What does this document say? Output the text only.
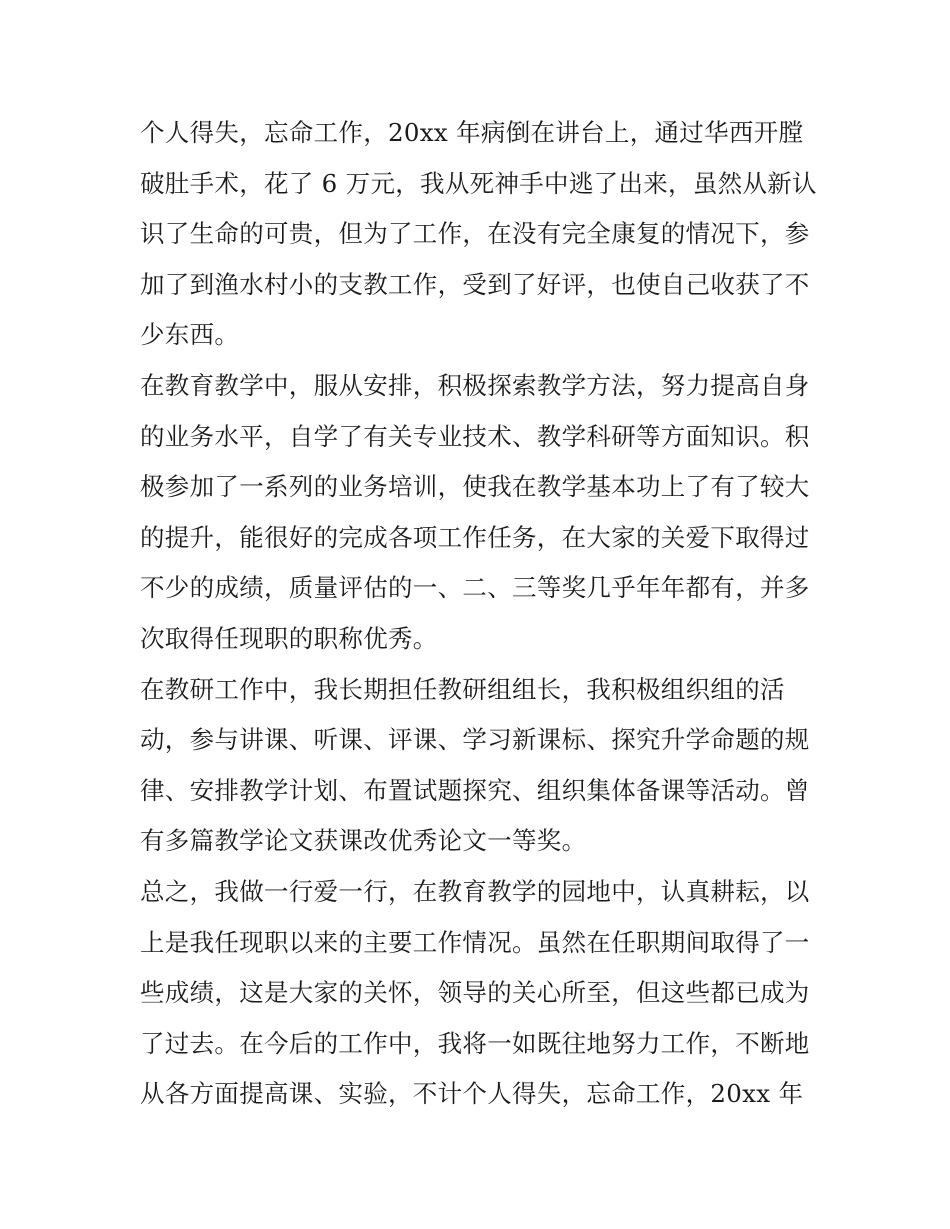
个人得失，忘命工作，20xx 年病倒在讲台上，通过华西开膛
破肚手术，花了 6 万元，我从死神手中逃了出来，虽然从新认
识了生命的可贵，但为了工作，在没有完全康复的情况下，参
加了到渔水村小的支教工作，受到了好评，也使自己收获了不
少东西。
在教育教学中，服从安排，积极探索教学方法，努力提高自身
的业务水平，自学了有关专业技术、教学科研等方面知识。积
极参加了一系列的业务培训，使我在教学基本功上了有了较大
的提升，能很好的完成各项工作任务，在大家的关爱下取得过
不少的成绩，质量评估的一、二、三等奖几乎年年都有，并多
次取得任现职的职称优秀。
在教研工作中，我长期担任教研组组长，我积极组织组的活
动，参与讲课、听课、评课、学习新课标、探究升学命题的规
律、安排教学计划、布置试题探究、组织集体备课等活动。曾
有多篇教学论文获课改优秀论文一等奖。
总之，我做一行爱一行，在教育教学的园地中，认真耕耘，以
上是我任现职以来的主要工作情况。虽然在任职期间取得了一
些成绩，这是大家的关怀，领导的关心所至，但这些都已成为
了过去。在今后的工作中，我将一如既往地努力工作，不断地
从各方面提高课、实验，不计个人得失，忘命工作，20xx 年
